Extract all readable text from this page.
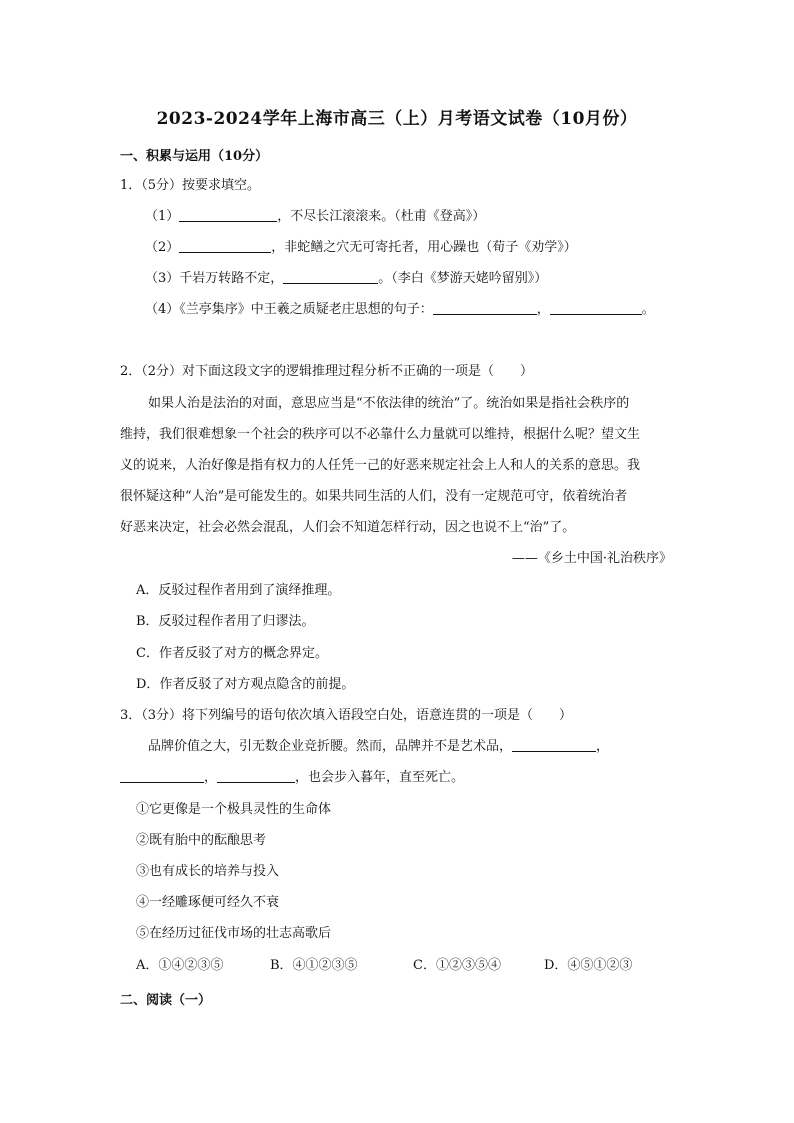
2023-2024学年上海市高三（上）月考语文试卷（10月份）
一、积累与运用（10分）
1．（5分）按要求填空。
（1）	，不尽长江滚滚来。（杜甫《登高》）
（2）	，非蛇鳝之穴无可寄托者，用心躁也（荀子《劝学》）
（3）千岩万转路不定，	。（李白《梦游天姥吟留别》）
（4）《兰亭集序》中王羲之质疑老庄思想的句子：	，	。
2．（2分）对下面这段文字的逻辑推理过程分析不正确的一项是（　　）
如果人治是法治的对面，意思应当是“不依法律的统治”了。统治如果是指社会秩序的
维持，我们很难想象一个社会的秩序可以不必靠什么力量就可以维持，根据什么呢？望文生
义的说来，人治好像是指有权力的人任凭一己的好恶来规定社会上人和人的关系的意思。我
很怀疑这种“人治”是可能发生的。如果共同生活的人们，没有一定规范可守，依着统治者
好恶来决定，社会必然会混乱，人们会不知道怎样行动，因之也说不上“治”了。
——《乡土中国·礼治秩序》
A．反驳过程作者用到了演绎推理。
B．反驳过程作者用了归谬法。
C．作者反驳了对方的概念界定。
D．作者反驳了对方观点隐含的前提。
3．（3分）将下列编号的语句依次填入语段空白处，语意连贯的一项是（　　）
品牌价值之大，引无数企业竞折腰。然而，品牌并不是艺术品，	，
，	，也会步入暮年，直至死亡。
①它更像是一个极具灵性的生命体
②既有胎中的酝酿思考
③也有成长的培养与投入
④一经雕琢便可经久不衰
⑤在经历过征伐市场的壮志高歌后
A．①④②③⑤	B．④①②③⑤	C．①②③⑤④	D．④⑤①②③
二、阅读（一）
